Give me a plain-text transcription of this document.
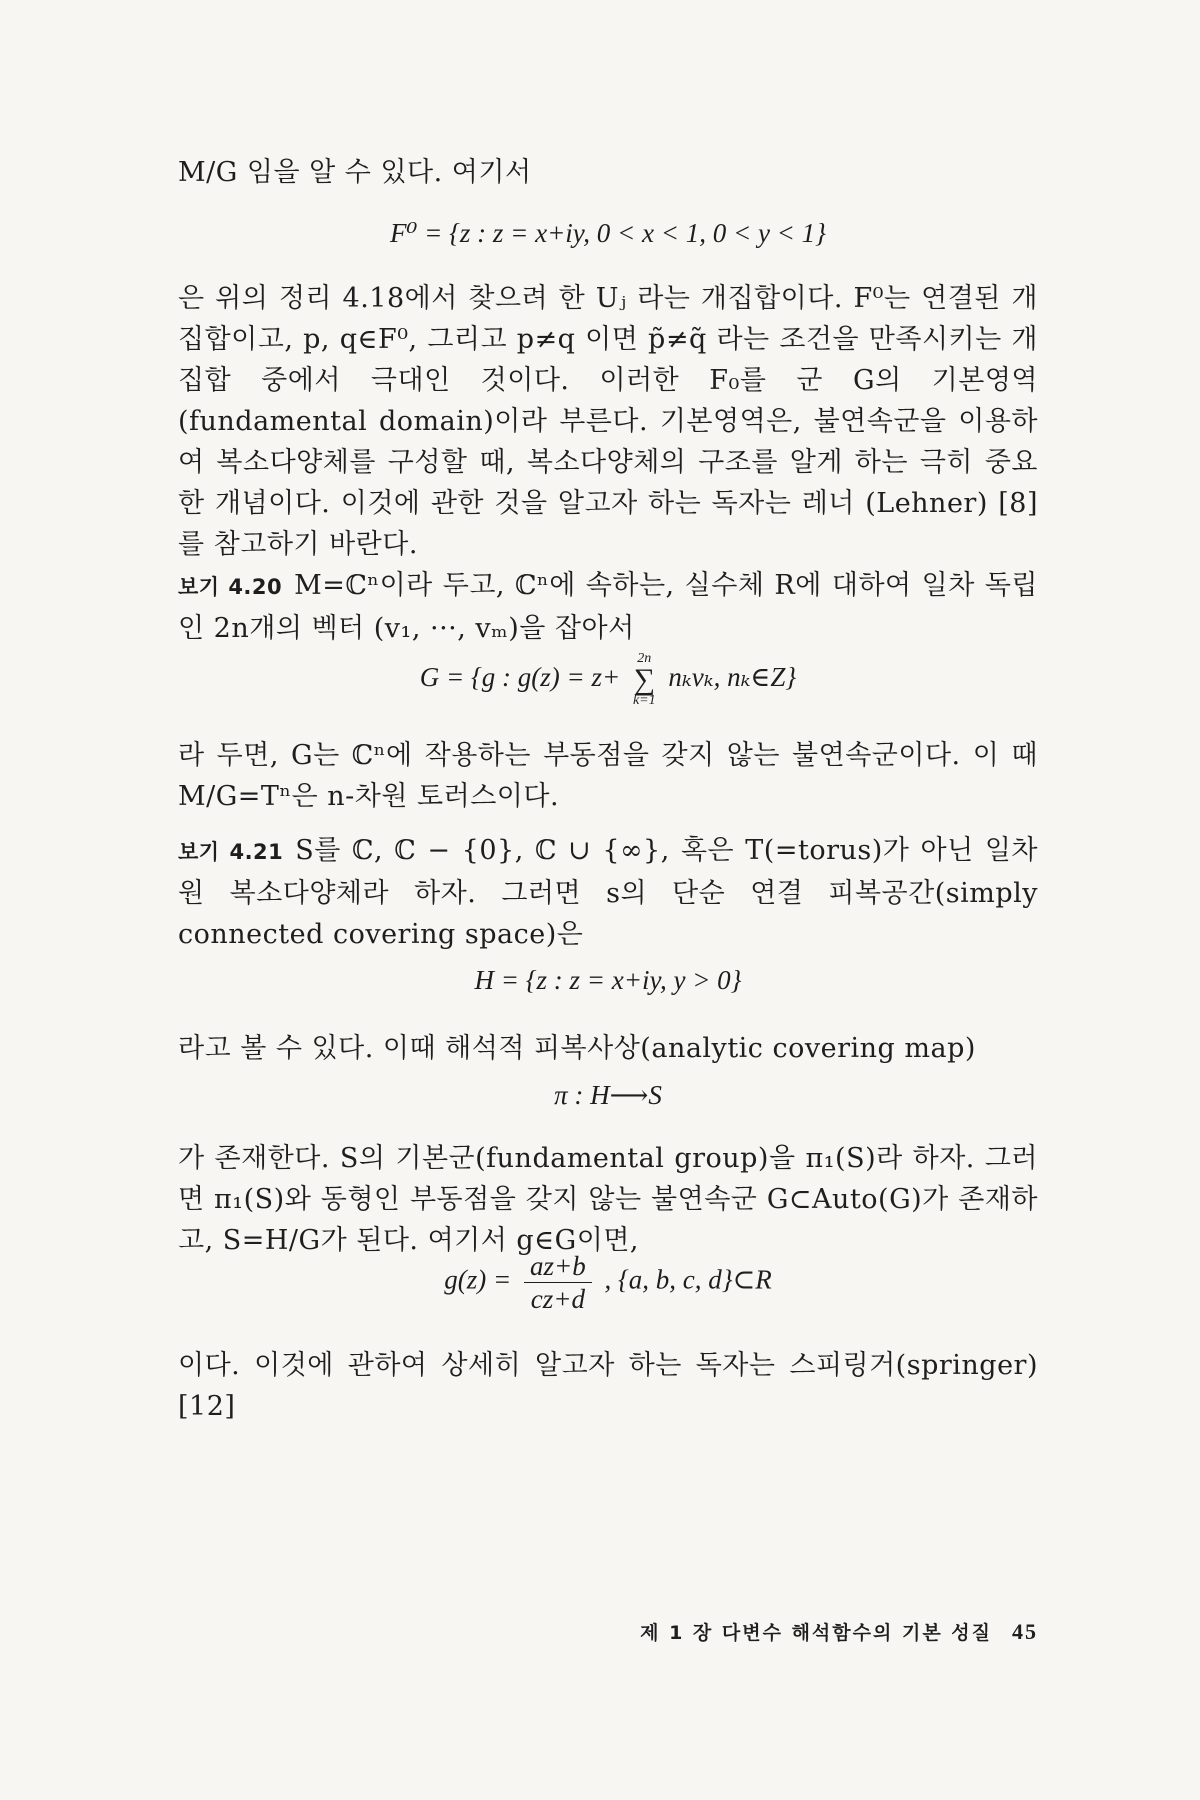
M/G 임을 알 수 있다. 여기서

F⁰ = {z : z = x+iy, 0 < x < 1, 0 < y < 1}

은 위의 정리 4.18에서 찾으려 한 Uⱼ 라는 개집합이다. F⁰는 연결된 개집합이고, p, q∈F⁰, 그리고 p≠q 이면 p̃≠q̃ 라는 조건을 만족시키는 개집합 중에서 극대인 것이다. 이러한 F₀를 군 G의 기본영역 (fundamental domain)이라 부른다. 기본영역은, 불연속군을 이용하여 복소다양체를 구성할 때, 복소다양체의 구조를 알게 하는 극히 중요한 개념이다. 이것에 관한 것을 알고자 하는 독자는 레너 (Lehner) [8]를 참고하기 바란다.

보기 4.20 M=ℂⁿ이라 두고, ℂⁿ에 속하는, 실수체 R에 대하여 일차 독립인 2n개의 벡터 (v₁, ···, vₘ)을 잡아서

G = {g : g(z) = z+
2n
∑
k=1
nₖvₖ, nₖ∈Z}

라 두면, G는 ℂⁿ에 작용하는 부동점을 갖지 않는 불연속군이다. 이 때 M/G=Tⁿ은 n-차원 토러스이다.

보기 4.21 S를 ℂ, ℂ − {0}, ℂ ∪ {∞}, 혹은 T(=torus)가 아닌 일차원 복소다양체라 하자. 그러면 s의 단순 연결 피복공간(simply connected covering space)은

H = {z : z = x+iy, y > 0}

라고 볼 수 있다. 이때 해석적 피복사상(analytic covering map)

π : H⟶S

가 존재한다. S의 기본군(fundamental group)을 π₁(S)라 하자. 그러면 π₁(S)와 동형인 부동점을 갖지 않는 불연속군 G⊂Auto(G)가 존재하고, S=H/G가 된다. 여기서 g∈G이면,

$g(z) = \frac{az+b}{cz+d}$ , {a, b, c, d}⊂R

이다. 이것에 관하여 상세히 알고자 하는 독자는 스피링거(springer)[12]

제 1 장 다변수 해석함수의 기본 성질 45
